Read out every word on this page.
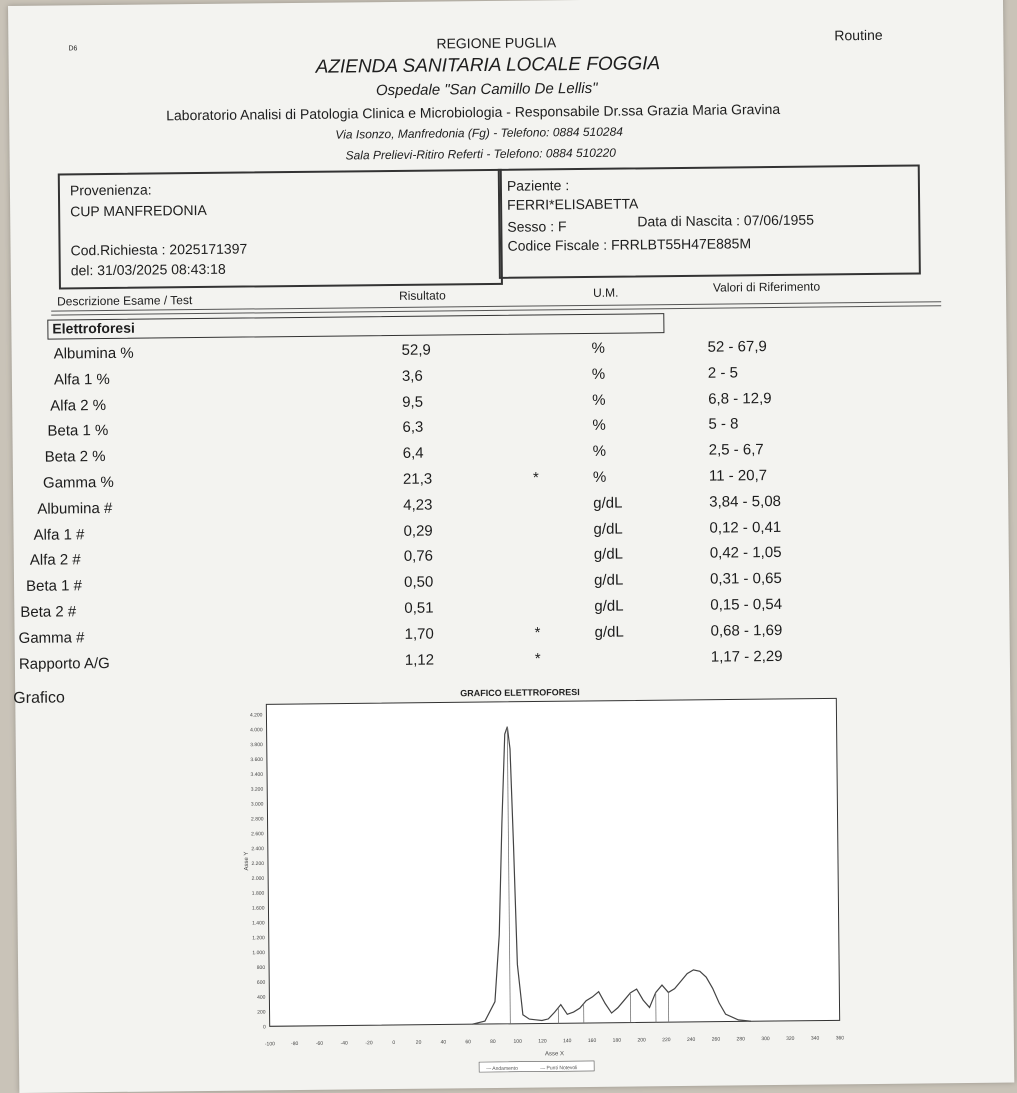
D6	REGIONE PUGLIA	Routine
AZIENDA SANITARIA LOCALE FOGGIA
Ospedale "San Camillo De Lellis"
Laboratorio Analisi di Patologia Clinica e Microbiologia - Responsabile Dr.ssa Grazia Maria Gravina
Via Isonzo, Manfredonia (Fg) - Telefono: 0884 510284
Sala Prelievi-Ritiro Referti - Telefono: 0884 510220
Provenienza:
CUP MANFREDONIA
Cod.Richiesta : 2025171397
del: 31/03/2025 08:43:18
Paziente :
FERRI*ELISABETTA
Sesso : F	Data di Nascita : 07/06/1955
Codice Fiscale : FRRLBT55H47E885M
Descrizione Esame / Test	Risultato	U.M.	Valori di Riferimento
Elettroforesi
Albumina %	52,9	%	52 - 67,9
Alfa 1 %	3,6	%	2 - 5
Alfa 2 %	9,5	%	6,8 - 12,9
Beta 1 %	6,3	%	5 - 8
Beta 2 %	6,4	%	2,5 - 6,7
Gamma %	21,3	*	%	11 - 20,7
Albumina #	4,23	g/dL	3,84 - 5,08
Alfa 1 #	0,29	g/dL	0,12 - 0,41
Alfa 2 #	0,76	g/dL	0,42 - 1,05
Beta 1 #	0,50	g/dL	0,31 - 0,65
Beta 2 #	0,51	g/dL	0,15 - 0,54
Gamma #	1,70	*	g/dL	0,68 - 1,69
Rapporto A/G	1,12	*	1,17 - 2,29
Grafico	GRAFICO ELETTROFORESI
0
200
400
600
800
1.000
1.200
1.400
1.600
1.800
2.000
2.200
2.400
2.600
2.800
3.000
3.200
3.400
3.600
3.800
4.000
4.200
Asse Y
-100	-80	-60	-40	-20	0	20	40	60	80	100	120	140	160	180	200	220	240	260	280	300	320	340	360
Asse X
— Andamento	— Punti Notevoli
